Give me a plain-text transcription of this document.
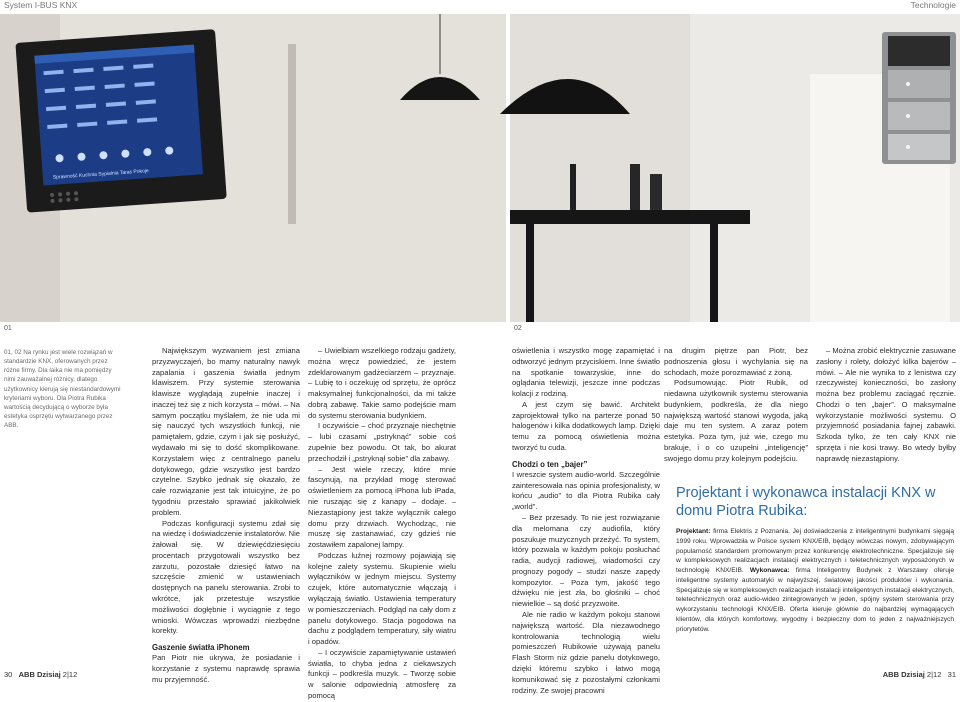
System I-BUS KNX	Technologie
Sprawność Kuchnia Sypialnia Taras Pokoje
01	02
01, 02 Na rynku jest wiele rozwiązań w standardzie KNX, oferowanych przez różne firmy. Dla laika nie ma pomiędzy nimi zauważalnej różnicy, dlatego użytkownicy kierują się niestandardowymi kryteriami wyboru. Dla Piotra Rubika wartością decydującą o wyborze była estetyka osprzętu wytwarzanego przez ABB.

Największym wyzwaniem jest zmiana przyzwyczajeń, bo mamy naturalny nawyk zapalania i gaszenia światła jednym klawiszem. Przy systemie sterowania klawisze wyglądają zupełnie inaczej i inaczej też się z nich korzysta – mówi. – Na samym początku myślałem, że nie uda mi się nauczyć tych wszystkich funkcji, nie pamiętałem, gdzie, czym i jak się posłużyć, wydawało mi się to dość skomplikowane. Korzystałem więc z centralnego panelu dotykowego, gdzie wszystko jest bardzo czytelne. Szybko jednak się okazało, że całe rozwiązanie jest tak intuicyjne, że po tygodniu przestało sprawiać jakikolwiek problem.

Podczas konfiguracji systemu zdał się na wiedzę i doświadczenie instalatorów. Nie żałował się. W dziewięćdziesięciu procentach przygotowali wszystko bez zarzutu, pozostałe dziesięć łatwo na szczęście zmienić w ustawieniach dostępnych na panelu sterowania. Zrobi to wkrótce, jak przetestuje wszystkie możliwości dogłębnie i wyciągnie z tego wnioski. Wówczas wprowadzi niezbędne korekty.

Gaszenie światła iPhonem

Pan Piotr nie ukrywa, że posiadanie i korzystanie z systemu naprawdę sprawia mu przyjemność.

– Uwielbiam wszelkiego rodzaju gadżety, można wręcz powiedzieć, że jestem zdeklarowanym gadżeciarzem – przyznaje. – Lubię to i oczekuję od sprzętu, że oprócz maksymalnej funkcjonalności, da mi także dobrą zabawę. Takie samo podejście mam do systemu sterowania budynkiem.

I oczywiście – choć przyznaje niechętnie – lubi czasami „pstryknąć” sobie coś zupełnie bez powodu. Ot tak, bo akurat przechodził i „pstryknął sobie” dla zabawy.

– Jest wiele rzeczy, które mnie fascynują, na przykład mogę sterować oświetleniem za pomocą iPhona lub iPada, nie ruszając się z kanapy – dodaje. – Niezastąpiony jest także wyłącznik całego domu przy drzwiach. Wychodząc, nie muszę się zastanawiać, czy gdzieś nie zostawiłem zapalonej lampy.

Podczas luźnej rozmowy pojawiają się kolejne zalety systemu. Skupienie wielu wyłączników w jednym miejscu. Systemy czujek, które automatycznie włączają i wyłączają światło. Ustawienia temperatury w pomieszczeniach. Podgląd na cały dom z panelu dotykowego. Stacja pogodowa na dachu z podglądem temperatury, siły wiatru i opadów.

– I oczywiście zapamiętywanie ustawień światła, to chyba jedna z ciekawszych funkcji – podkreśla muzyk. – Tworzę sobie w salonie odpowiednią atmosferę za pomocą

oświetlenia i wszystko mogę zapamiętać i odtworzyć jednym przyciskiem. Inne światło na spotkanie towarzyskie, inne do oglądania telewizji, jeszcze inne podczas kolacji z rodziną.

A jest czym się bawić. Architekt zaprojektował tylko na parterze ponad 50 halogenów i kilka dodatkowych lamp. Dzięki temu za pomocą oświetlenia można tworzyć tu cuda.

Chodzi o ten „bajer”

I wreszcie system audio-world. Szczególnie zainteresowała nas opinia profesjonalisty, w końcu „audio” to dla Piotra Rubika cały „world”.

– Bez przesady. To nie jest rozwiązanie dla melomana czy audiofila, który poszukuje muzycznych przeżyć. To system, który pozwala w każdym pokoju posłuchać radia, audycji radiowej, wiadomości czy prognozy pogody – studzi nasze zapędy kompozytor. – Poza tym, jakość tego dźwięku nie jest zła, bo głośniki – choć niewielkie – są dość przyzwoite.

Ale nie radio w każdym pokoju stanowi największą wartość. Dla niezawodnego kontrolowania technologią wielu pomieszczeń Rubikowie używają panelu Flash Storm niż gdzie panelu dotykowego, dzięki któremu szybko i łatwo mogą komunikować się z pozostałymi członkami rodziny. Ze swojej pracowni

na drugim piętrze pan Piotr, bez podnoszenia głosu i wychylania się na schodach, może porozmawiać z żoną.

Podsumowując. Piotr Rubik, od niedawna użytkownik systemu sterowania budynkiem, podkreśla, że dla niego największą wartość stanowi wygoda, jaką daje mu ten system. A zaraz potem estetyka. Poza tym, już wie, czego mu brakuje, i o co uzupełni „inteligencję” swojego domu przy kolejnym podejściu.

– Można zrobić elektrycznie zasuwane zasłony i rolety, dołożyć kilka bajerów – mówi. – Ale nie wynika to z lenistwa czy rzeczywistej konieczności, bo zasłony można bez problemu zaciągać ręcznie. Chodzi o ten „bajer”. O maksymalne wykorzystanie możliwości systemu. O przyjemność posiadania fajnej zabawki. Szkoda tylko, że ten cały KNX nie sprzęta i nie kosi trawy. Bo wtedy byłby naprawdę niezastąpiony.

Projektant i wykonawca instalacji KNX w domu Piotra Rubika:
Projektant: firma Elektris z Poznania. Jej doświadczenia z inteligentnymi budynkami sięgają 1999 roku. Wprowadziła w Polsce system KNX/EIB, będący wówczas nowym, zdobywającym popularność standardem promowanym przez konkurencję elektrotechniczne. Specjalizuje się w kompleksowych realizacjach instalacji elektrycznych i teletechnicznych wyposażonych w technologię KNX/EIB. Wykonawca: firma Inteligentny Budynek z Warszawy oferuje inteligentne systemy automatyki w najwyższej, światowej jakości produktów i wykonania. Specjalizuje się w kompleksowych realizacjach instalacji inteligentnych instalacji elektrycznych, teletechnicznych oraz audio-wideo zintegrowanych w jeden, spójny system sterowania przy wykorzystaniu technologii KNX/EIB. Oferta kieruje głównie do najbardziej wymagających klientów, dla których komfortowy, wygodny i bezpieczny dom to jeden z najważniejszych priorytetów.
30 ABB Dzisiaj 2|12	ABB Dzisiaj 2|12 31
